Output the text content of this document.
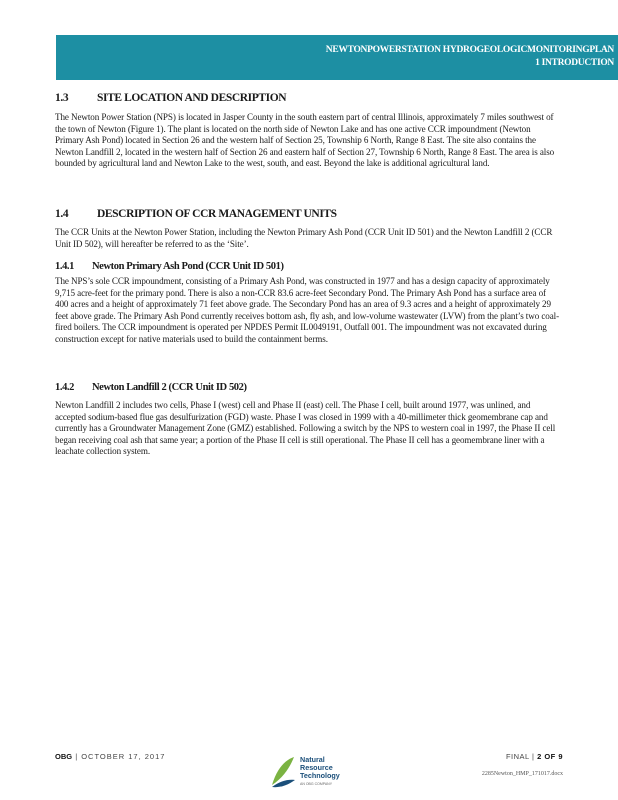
NEWTONPOWERSTATION HYDROGEOLOGICMONITORINGPLAN
1 INTRODUCTION
1.3	SITE LOCATION AND DESCRIPTION

The Newton Power Station (NPS) is located in Jasper County in the south eastern part of central Illinois, approximately 7 miles southwest of the town of Newton (Figure 1). The plant is located on the north side of Newton Lake and has one active CCR impoundment (Newton Primary Ash Pond) located in Section 26 and the western half of Section 25, Township 6 North, Range 8 East. The site also contains the Newton Landfill 2, located in the western half of Section 26 and eastern half of Section 27, Township 6 North, Range 8 East. The area is also bounded by agricultural land and Newton Lake to the west, south, and east. Beyond the lake is additional agricultural land.

1.4	DESCRIPTION OF CCR MANAGEMENT UNITS

The CCR Units at the Newton Power Station, including the Newton Primary Ash Pond (CCR Unit ID 501) and the Newton Landfill 2 (CCR Unit ID 502), will hereafter be referred to as the ‘Site’.

1.4.1	Newton Primary Ash Pond (CCR Unit ID 501)

The NPS’s sole CCR impoundment, consisting of a Primary Ash Pond, was constructed in 1977 and has a design capacity of approximately 9,715 acre-feet for the primary pond. There is also a non-CCR 83.6 acre-feet Secondary Pond. The Primary Ash Pond has a surface area of 400 acres and a height of approximately 71 feet above grade. The Secondary Pond has an area of 9.3 acres and a height of approximately 29 feet above grade. The Primary Ash Pond currently receives bottom ash, fly ash, and low-volume wastewater (LVW) from the plant’s two coal-fired boilers. The CCR impoundment is operated per NPDES Permit IL0049191, Outfall 001. The impoundment was not excavated during construction except for native materials used to build the containment berms.

1.4.2	Newton Landfill 2 (CCR Unit ID 502)

Newton Landfill 2 includes two cells, Phase I (west) cell and Phase II (east) cell. The Phase I cell, built around 1977, was unlined, and accepted sodium-based flue gas desulfurization (FGD) waste. Phase I was closed in 1999 with a 40-millimeter thick geomembrane cap and currently has a Groundwater Management Zone (GMZ) established. Following a switch by the NPS to western coal in 1997, the Phase II cell began receiving coal ash that same year; a portion of the Phase II cell is still operational. The Phase II cell has a geomembrane liner with a leachate collection system.

OBG | OCTOBER 17, 2017	Natural Resource Technology
AN OBG COMPANY
FINAL | 2 OF 9
2285Newton_HMP_171017.docx
